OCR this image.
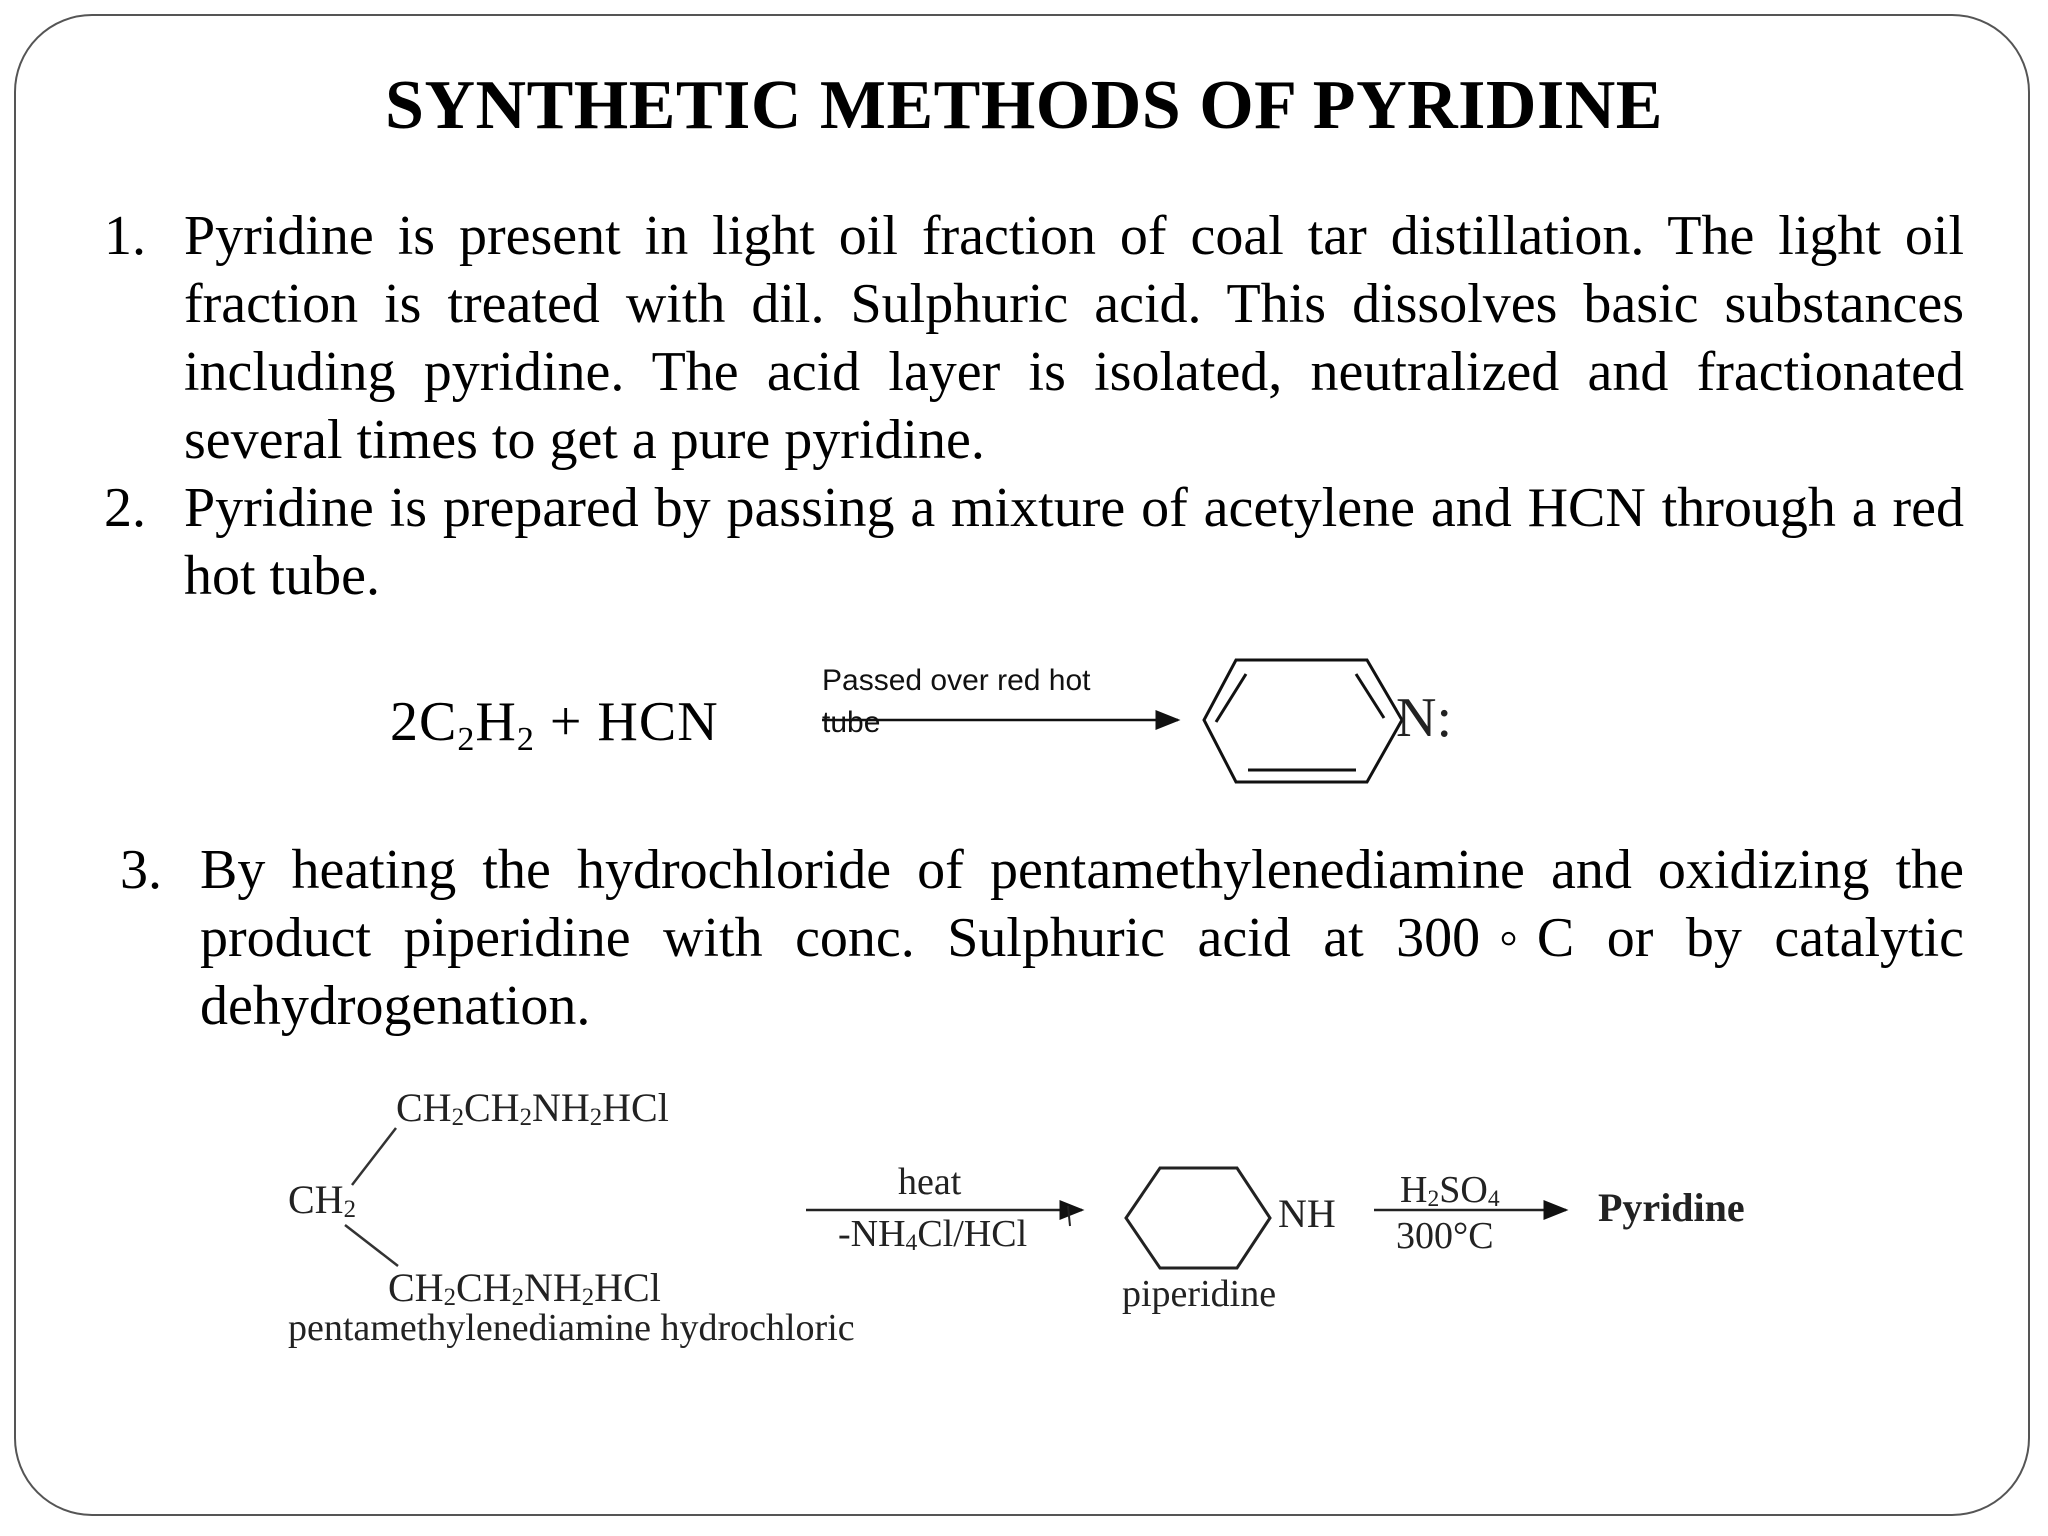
SYNTHETIC METHODS OF PYRIDINE
1. Pyridine is present in light oil fraction of coal tar distillation. The light oil fraction is treated with dil. Sulphuric acid. This dissolves basic substances including pyridine. The acid layer is isolated, neutralized and fractionated several times to get a pure pyridine.
2. Pyridine is prepared by passing a mixture of acetylene and HCN through a red hot tube.
$2C_2H_2$ + HCN
Passed over red hot
tube	N:
3. By heating the hydrochloride of pentamethylenediamine and oxidizing the product piperidine with conc. Sulphuric acid at 300◦C or by catalytic dehydrogenation.
$CH_2CH_2NH_2HCl$
$CH_2$
$CH_2CH_2NH_2HCl$
pentamethylenediamine hydrochloric
heat
$-NH_4Cl$/HCl	NH
piperidine
$H_2SO_4$
300°C
Pyridine
